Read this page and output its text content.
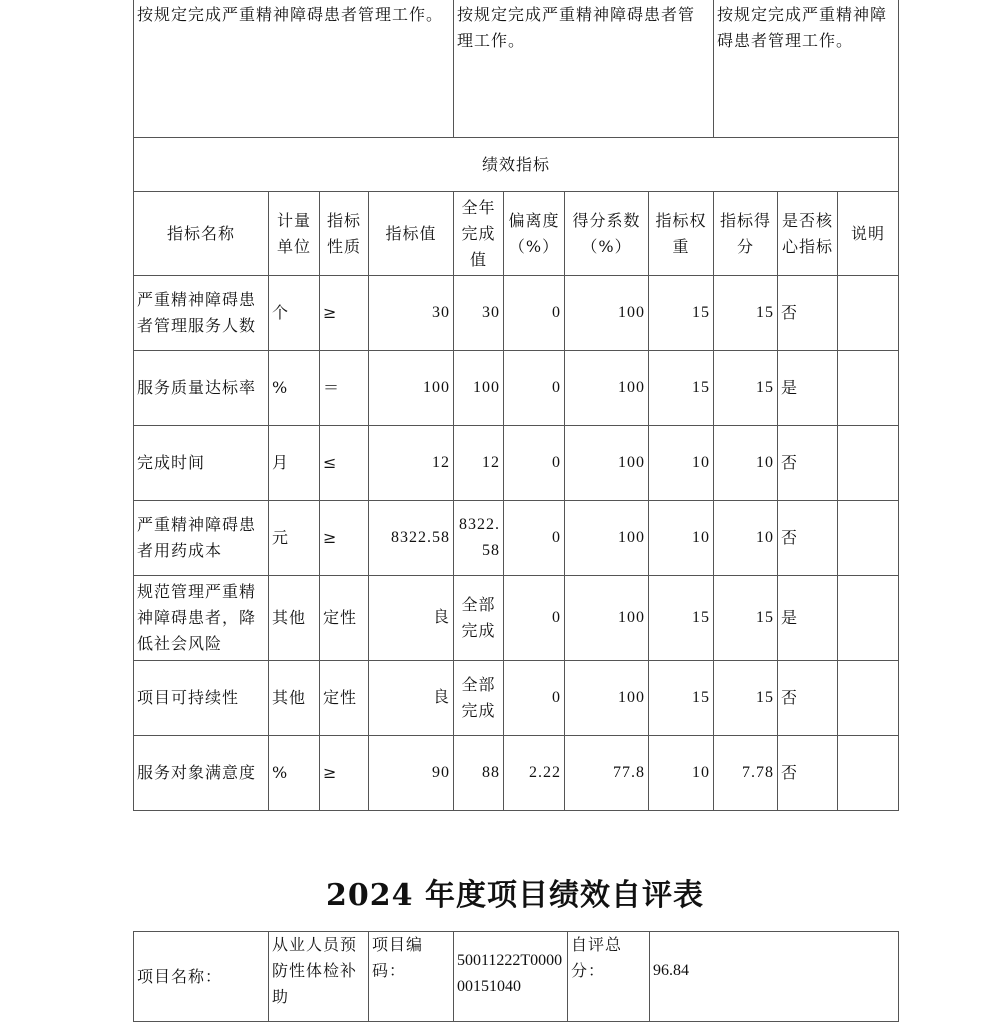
按规定完成严重精神障碍患者管理工作。				按规定完成严重精神障碍患者管理工作。				按规定完成严重精神障碍患者管理工作。		
绩效指标										
指标名称	计量单位	指标性质	指标值	全年完成值	偏离度（%）	得分系数（%）	指标权重	指标得分	是否核心指标	说明
严重精神障碍患者管理服务人数	个	≥	30	30	0	100	15	15	否	
服务质量达标率	%	＝	100	100	0	100	15	15	是	
完成时间	月	≤	12	12	0	100	10	10	否	
严重精神障碍患者用药成本	元	≥	8322.58	8322.58	0	100	10	10	否	
规范管理严重精神障碍患者，降低社会风险	其他	定性	良	全部完成	0	100	15	15	是	
项目可持续性	其他	定性	良	全部完成	0	100	15	15	否	
服务对象满意度	%	≥	90	88	2.22	77.8	10	7.78	否	
2024 年度项目绩效自评表
项目名称：	从业人员预防性体检补助	项目编码：	50011222T000000151040	自评总分：	96.84
